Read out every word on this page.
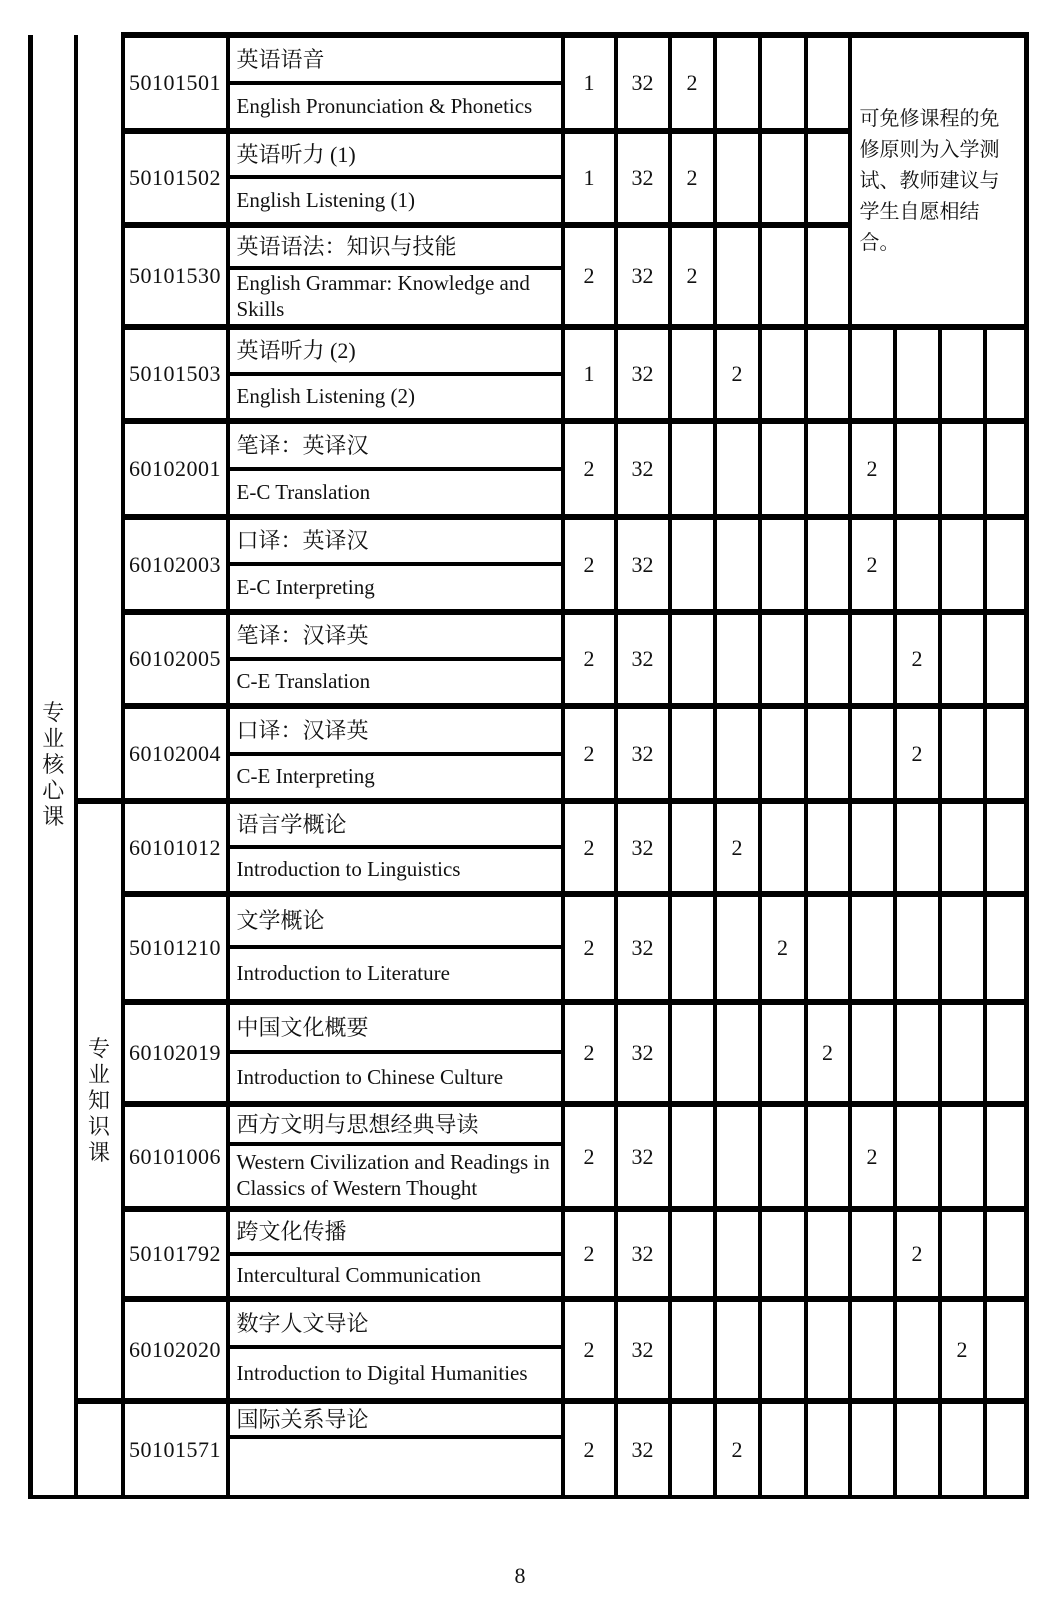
专业核心课		50101501	英语语音	1	32	2				可免修课程的免修原则为入学测试、教师建议与学生自愿相结合。			
			English Pronunciation & Phonetics										
		50101502	英语听力 (1)	1	32	2							
			English Listening (1)										
		50101530	英语语法：知识与技能	2	32	2							
			English Grammar: Knowledge and Skills										
		50101503	英语听力 (2)	1	32		2						
			English Listening (2)										
		60102001	笔译：英译汉	2	32					2			
			E-C Translation										
		60102003	口译：英译汉	2	32					2			
			E-C Interpreting										
		60102005	笔译：汉译英	2	32						2		
			C-E Translation										
		60102004	口译：汉译英	2	32						2		
			C-E Interpreting										

	专业知识课	60101012	语言学概论	2	32		2						
			Introduction to Linguistics										
		50101210	文学概论	2	32			2					
			Introduction to Literature										
		60102019	中国文化概要	2	32				2				
			Introduction to Chinese Culture										
		60101006	西方文明与思想经典导读	2	32					2			
			Western Civilization and Readings in Classics of Western Thought										
		50101792	跨文化传播	2	32						2		
			Intercultural Communication										
		60102020	数字人文导论	2	32							2	
			Introduction to Digital Humanities										
		50101571	国际关系导论	2	32		2						

8
